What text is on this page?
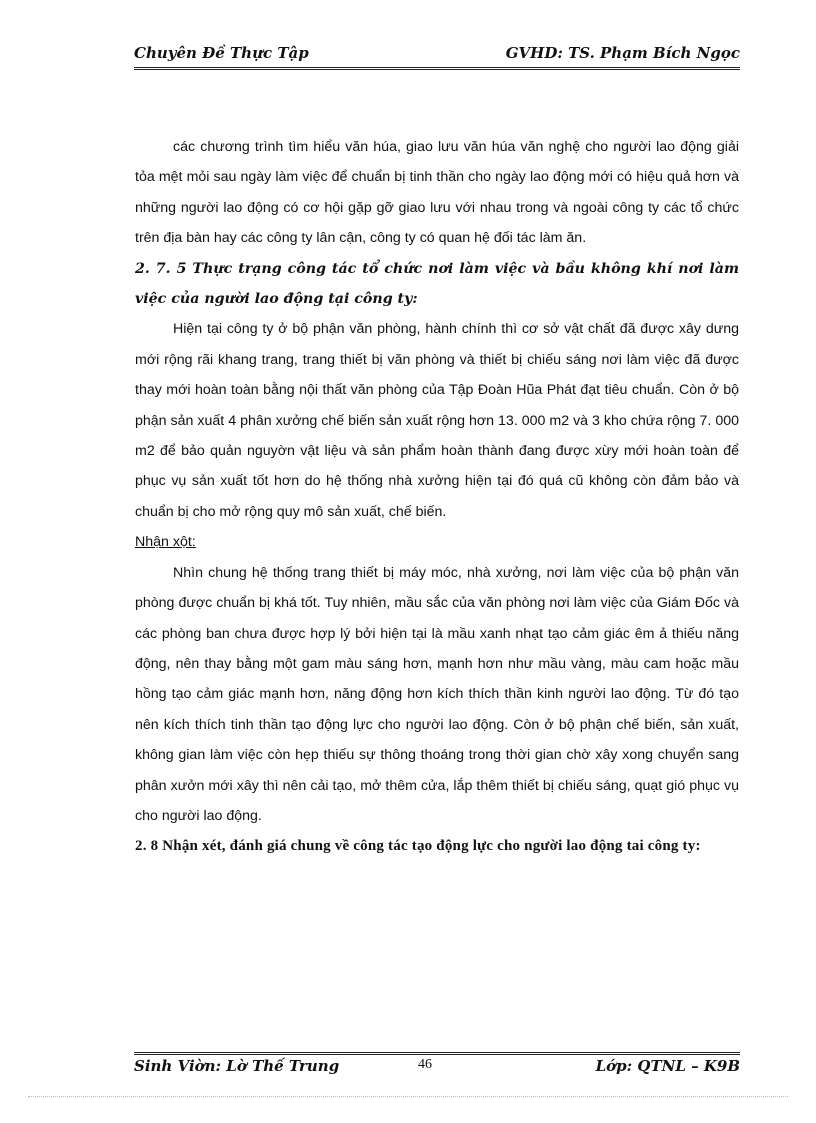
Chuyên Đề Thực Tập	GVHD: TS. Phạm Bích Ngọc

các chương trình tìm hiểu văn húa, giao lưu văn húa văn nghệ cho người lao động giải tỏa mệt mỏi sau ngày làm việc để chuẩn bị tinh thần cho ngày lao động mới có hiệu quả hơn và những người lao động có cơ hội gặp gỡ giao lưu với nhau trong và ngoài công ty các tổ chức trên địa bàn hay các công ty lân cận, công ty có quan hệ đối tác làm ăn.

2. 7. 5 Thực trạng công tác tổ chức nơi làm việc và bầu không khí nơi làm việc của người lao động tại công ty:

Hiện tại công ty ở bộ phận văn phòng, hành chính thì cơ sở vật chất đã được xây dưng mới rộng rãi khang trang, trang thiết bị văn phòng và thiết bị chiếu sáng nơi làm việc đã được thay mới hoàn toàn bằng nội thất văn phòng của Tập Đoàn Hũa Phát đạt tiêu chuẩn. Còn ở bộ phận sản xuất 4 phân xưởng chế biến sản xuất rộng hơn 13. 000 m2 và 3 kho chứa rộng 7. 000 m2 để bảo quản nguyờn vật liệu và sản phẩm hoàn thành đang được xừy mới hoàn toàn để phục vụ sản xuất tốt hơn do hệ thống nhà xưởng hiện tại đó quá cũ không còn đảm bảo và chuẩn bị cho mở rộng quy mô sản xuất, chế biến.

Nhận xột:

Nhìn chung hệ thống trang thiết bị máy móc, nhà xưởng, nơi làm việc của bộ phận văn phòng được chuẩn bị khá tốt. Tuy nhiên, mầu sắc của văn phòng nơi làm việc của Giám Đốc và các phòng ban chưa được hợp lý bởi hiện tại là mầu xanh nhạt tạo cảm giác êm ả thiếu năng động, nên thay bằng một gam màu sáng hơn, mạnh hơn như mầu vàng, màu cam hoặc mầu hồng tạo cảm giác mạnh hơn, năng động hơn kích thích thần kinh người lao động. Từ đó tạo nên kích thích tinh thần tạo động lực cho người lao động. Còn ở bộ phận chế biến, sản xuất, không gian làm việc còn hẹp thiếu sự thông thoáng trong thời gian chờ xây xong chuyển sang phân xưởn mới xây thì nên cải tạo, mở thêm cửa, lắp thêm thiết bị chiếu sáng, quạt gió phục vụ cho người lao động.

2. 8 Nhận xét, đánh giá chung về công tác tạo động lực cho người lao động tai công ty:

Sinh Viờn: Lờ Thế Trung	46	Lớp: QTNL – K9B
